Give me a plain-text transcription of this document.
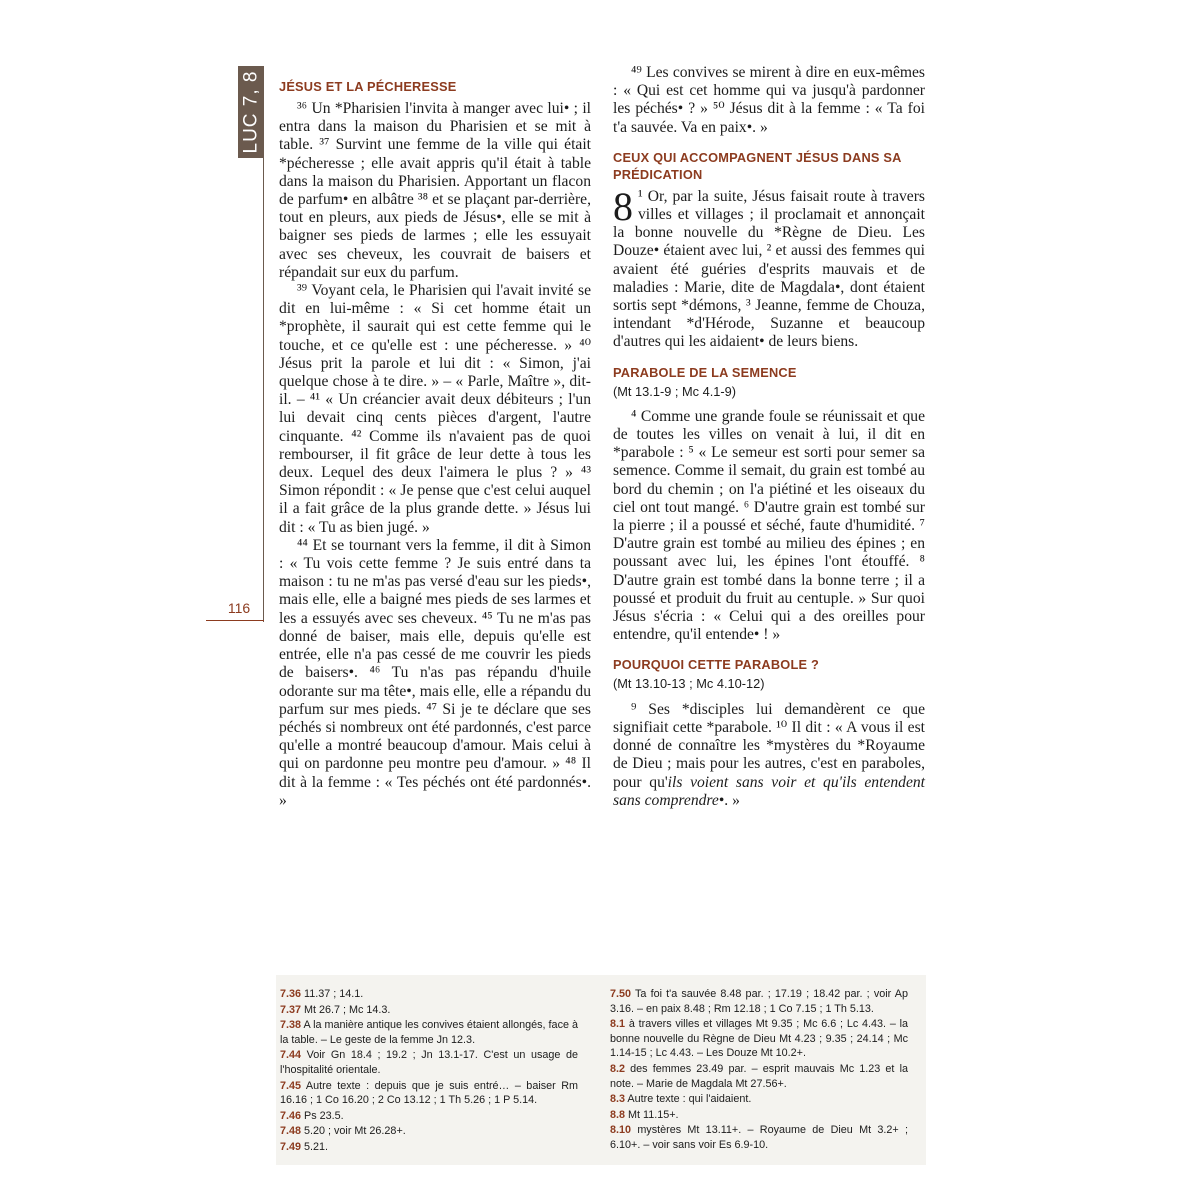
LUC 7, 8
116
JÉSUS ET LA PÉCHERESSE

³⁶ Un *Pharisien l'invita à manger avec lui• ; il entra dans la maison du Pharisien et se mit à table. ³⁷ Survint une femme de la ville qui était *pécheresse ; elle avait appris qu'il était à table dans la maison du Pharisien. Apportant un flacon de parfum• en albâtre ³⁸ et se plaçant par-derrière, tout en pleurs, aux pieds de Jésus•, elle se mit à baigner ses pieds de larmes ; elle les essuyait avec ses cheveux, les couvrait de baisers et répandait sur eux du parfum.

³⁹ Voyant cela, le Pharisien qui l'avait invité se dit en lui-même : « Si cet homme était un *prophète, il saurait qui est cette femme qui le touche, et ce qu'elle est : une pécheresse. » ⁴⁰ Jésus prit la parole et lui dit : « Simon, j'ai quelque chose à te dire. » – « Parle, Maître », dit-il. – ⁴¹ « Un créancier avait deux débiteurs ; l'un lui devait cinq cents pièces d'argent, l'autre cinquante. ⁴² Comme ils n'avaient pas de quoi rembourser, il fit grâce de leur dette à tous les deux. Lequel des deux l'aimera le plus ? » ⁴³ Simon répondit : « Je pense que c'est celui auquel il a fait grâce de la plus grande dette. » Jésus lui dit : « Tu as bien jugé. »

⁴⁴ Et se tournant vers la femme, il dit à Simon : « Tu vois cette femme ? Je suis entré dans ta maison : tu ne m'as pas versé d'eau sur les pieds•, mais elle, elle a baigné mes pieds de ses larmes et les a essuyés avec ses cheveux. ⁴⁵ Tu ne m'as pas donné de baiser, mais elle, depuis qu'elle est entrée, elle n'a pas cessé de me couvrir les pieds de baisers•. ⁴⁶ Tu n'as pas répandu d'huile odorante sur ma tête•, mais elle, elle a répandu du parfum sur mes pieds. ⁴⁷ Si je te déclare que ses péchés si nombreux ont été pardonnés, c'est parce qu'elle a montré beaucoup d'amour. Mais celui à qui on pardonne peu montre peu d'amour. » ⁴⁸ Il dit à la femme : « Tes péchés ont été pardonnés•. »

⁴⁹ Les convives se mirent à dire en eux-mêmes : « Qui est cet homme qui va jusqu'à pardonner les péchés• ? » ⁵⁰ Jésus dit à la femme : « Ta foi t'a sauvée. Va en paix•. »

CEUX QUI ACCOMPAGNENT JÉSUS DANS SA PRÉDICATION

8 ¹ Or, par la suite, Jésus faisait route à travers villes et villages ; il proclamait et annonçait la bonne nouvelle du *Règne de Dieu. Les Douze• étaient avec lui, ² et aussi des femmes qui avaient été guéries d'esprits mauvais et de maladies : Marie, dite de Magdala•, dont étaient sortis sept *démons, ³ Jeanne, femme de Chouza, intendant *d'Hérode, Suzanne et beaucoup d'autres qui les aidaient• de leurs biens.

PARABOLE DE LA SEMENCE
(Mt 13.1-9 ; Mc 4.1-9)

⁴ Comme une grande foule se réunissait et que de toutes les villes on venait à lui, il dit en *parabole : ⁵ « Le semeur est sorti pour semer sa semence. Comme il semait, du grain est tombé au bord du chemin ; on l'a piétiné et les oiseaux du ciel ont tout mangé. ⁶ D'autre grain est tombé sur la pierre ; il a poussé et séché, faute d'humidité. ⁷ D'autre grain est tombé au milieu des épines ; en poussant avec lui, les épines l'ont étouffé. ⁸ D'autre grain est tombé dans la bonne terre ; il a poussé et produit du fruit au centuple. » Sur quoi Jésus s'écria : « Celui qui a des oreilles pour entendre, qu'il entende• ! »

POURQUOI CETTE PARABOLE ?
(Mt 13.10-13 ; Mc 4.10-12)

⁹ Ses *disciples lui demandèrent ce que signifiait cette *parabole. ¹⁰ Il dit : « A vous il est donné de connaître les *mystères du *Royaume de Dieu ; mais pour les autres, c'est en paraboles, pour qu'ils voient sans voir et qu'ils entendent sans comprendre•. »

7.36 11.37 ; 14.1.
7.37 Mt 26.7 ; Mc 14.3.
7.38 A la manière antique les convives étaient allongés, face à la table. – Le geste de la femme Jn 12.3.
7.44 Voir Gn 18.4 ; 19.2 ; Jn 13.1-17. C'est un usage de l'hospitalité orientale.
7.45 Autre texte : depuis que je suis entré… – baiser Rm 16.16 ; 1 Co 16.20 ; 2 Co 13.12 ; 1 Th 5.26 ; 1 P 5.14.
7.46 Ps 23.5.
7.48 5.20 ; voir Mt 26.28+.
7.49 5.21.
7.50 Ta foi t'a sauvée 8.48 par. ; 17.19 ; 18.42 par. ; voir Ap 3.16. – en paix 8.48 ; Rm 12.18 ; 1 Co 7.15 ; 1 Th 5.13.
8.1 à travers villes et villages Mt 9.35 ; Mc 6.6 ; Lc 4.43. – la bonne nouvelle du Règne de Dieu Mt 4.23 ; 9.35 ; 24.14 ; Mc 1.14-15 ; Lc 4.43. – Les Douze Mt 10.2+.
8.2 des femmes 23.49 par. – esprit mauvais Mc 1.23 et la note. – Marie de Magdala Mt 27.56+.
8.3 Autre texte : qui l'aidaient.
8.8 Mt 11.15+.
8.10 mystères Mt 13.11+. – Royaume de Dieu Mt 3.2+ ; 6.10+. – voir sans voir Es 6.9-10.
